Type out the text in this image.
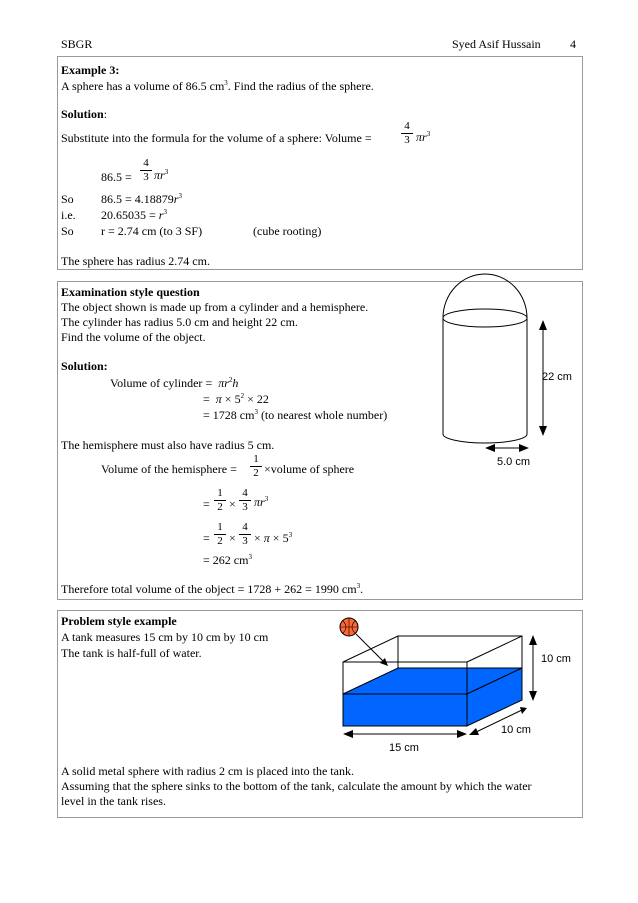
SBGR	Syed Asif Hussain 4
Example 3:
A sphere has a volume of 86.5 $cm^3$. Find the radius of the sphere.
Solution:
Substitute into the formula for the volume of a sphere: Volume =
4
3 $\pi r^3$
86.5 =
4
3 $\pi r^3$
So $86.5 = 4.18879r^3$
i.e. $20.65035 = r^3$
So r = 2.74 cm (to 3 SF)	(cube rooting)
The sphere has radius 2.74 cm.
Examination style question
The object shown is made up from a cylinder and a hemisphere.
The cylinder has radius 5.0 cm and height 22 cm.
Find the volume of the object.
Solution:
Volume of cylinder =  $\pi r^2h$
=  $\pi \times 5^2 \times 22$
= 1728 $cm^3$ (to nearest whole number)
The hemisphere must also have radius 5 cm.
Volume of the hemisphere =
1
2 ×volume of sphere
=
1
2 ×
4
3 $\pi r^3$
=
1
2 ×
4
$3 \times \pi \times 5^3$
= 262 $cm^3$
Therefore total volume of the object = 1728 + 262 = 1990 $cm^3$.
22 cm
5.0 cm
Problem style example
A tank measures 15 cm by 10 cm by 10 cm
The tank is half-full of water.
A solid metal sphere with radius 2 cm is placed into the tank.
Assuming that the sphere sinks to the bottom of the tank, calculate the amount by which the water
level in the tank rises.
10 cm
10 cm
15 cm
